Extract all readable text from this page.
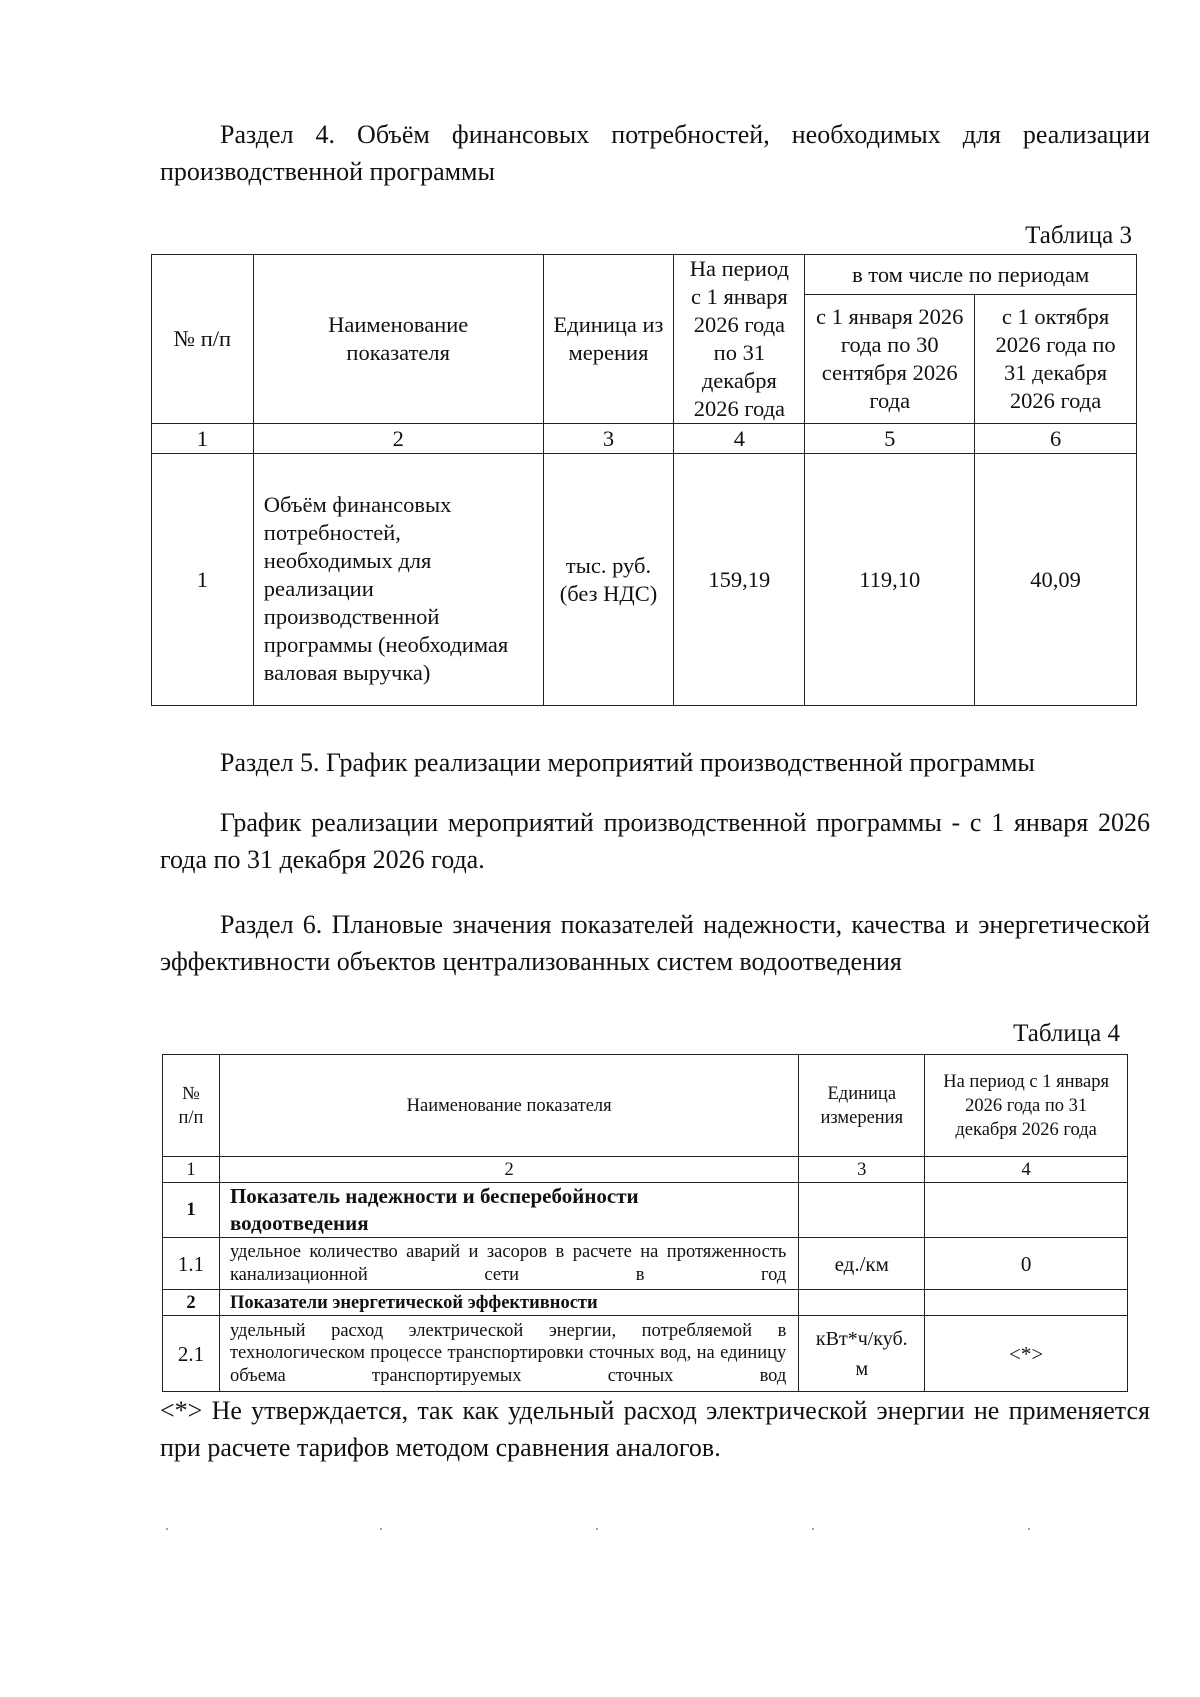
Раздел 4. Объём финансовых потребностей, необходимых для реализации производственной программы

Таблица 3

№ п/п	Наименование показателя	Единица измерения	На период с 1 января 2026 года по 31 декабря 2026 года	в том числе по периодам	
				с 1 января 2026 года по 30 сентября 2026 года	с 1 октября 2026 года по 31 декабря 2026 года
1	2	3	4	5	6
1	Объём финансовых потребностей, необходимых для реализации производственной программы (необходимая валовая выручка)	тыс. руб. (без НДС)	159,19	119,10	40,09

Раздел 5. График реализации мероприятий производственной программы

График реализации мероприятий производственной программы - с 1 января 2026 года по 31 декабря 2026 года.

Раздел 6. Плановые значения показателей надежности, качества и энергетической эффективности объектов централизованных систем водоотведения

Таблица 4

№ п/п	Наименование показателя	Единица измерения	На период с 1 января 2026 года по 31 декабря 2026 года
1	2	3	4
1	Показатель надежности и бесперебойности водоотведения		
1.1	удельное количество аварий и засоров в расчете на протяженность канализационной сети в год	ед./км	0
2	Показатели энергетической эффективности		
2.1	удельный расход электрической энергии, потребляемой в технологическом процессе транспортировки сточных вод, на единицу объема транспортируемых сточных вод	кВт*ч/куб. м	<*>

<*> Не утверждается, так как удельный расход электрической энергии не применяется при расчете тарифов методом сравнения аналогов.
